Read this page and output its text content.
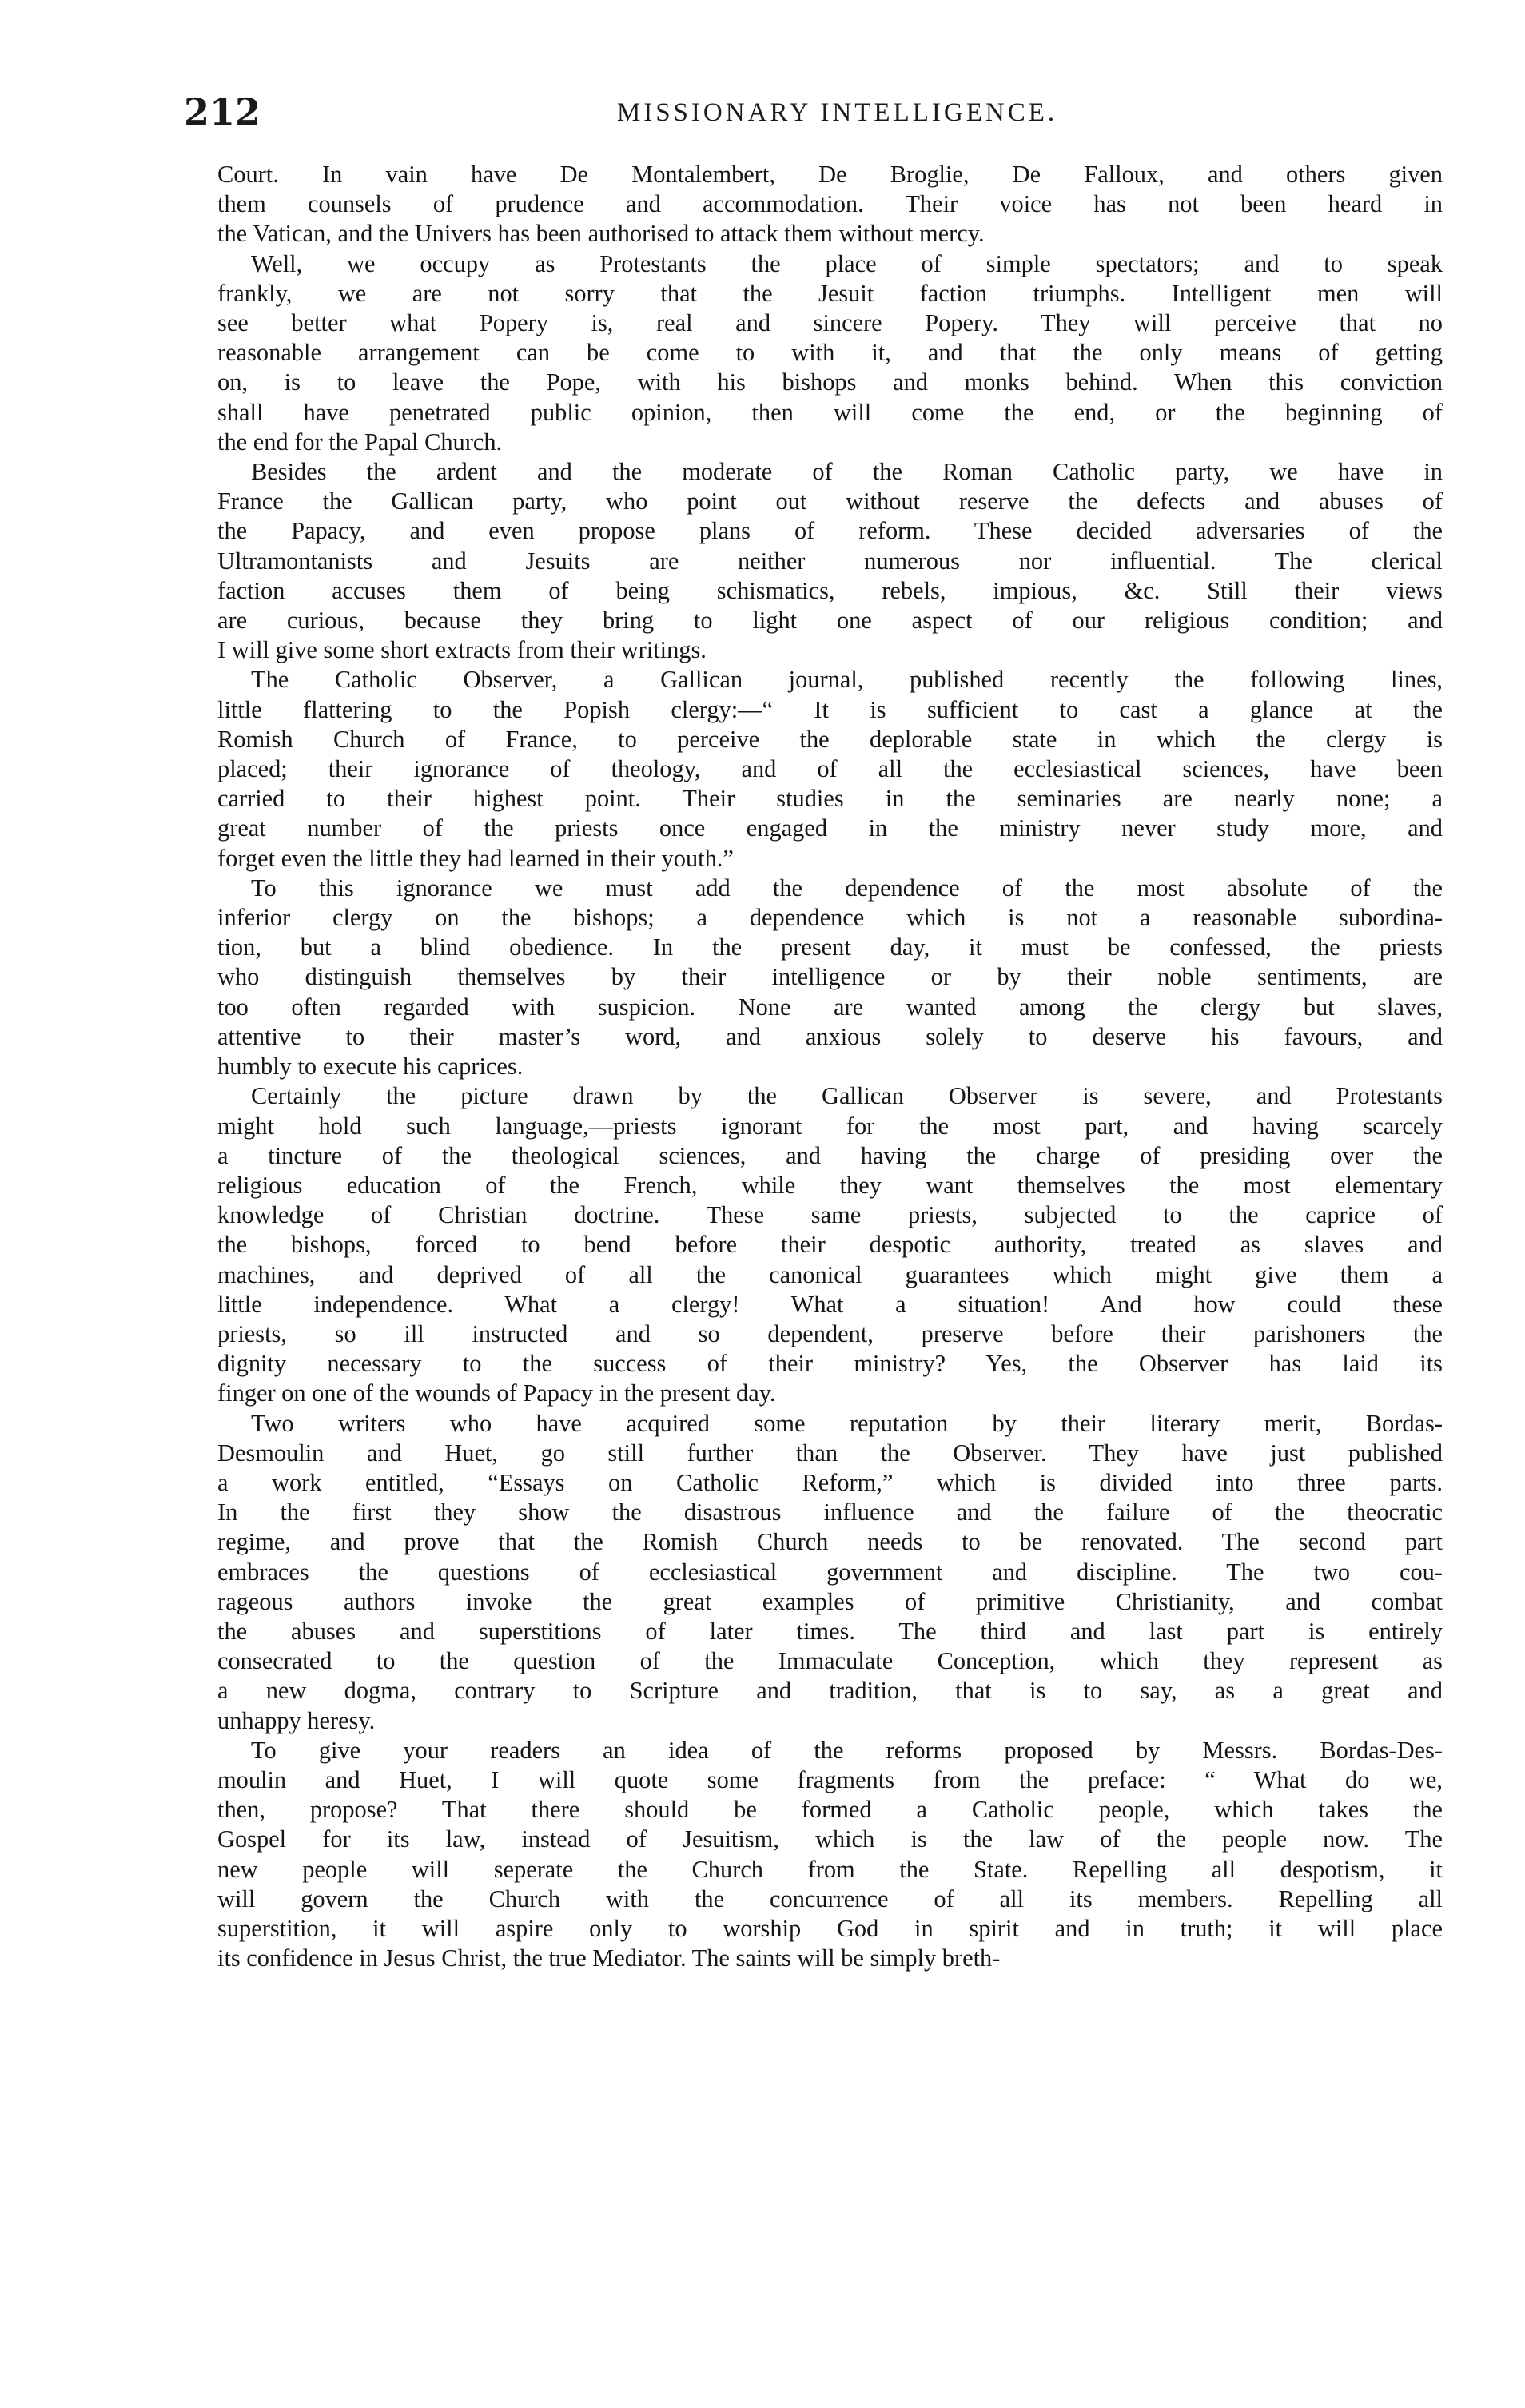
212	MISSIONARY INTELLIGENCE.
Court. In vain have De Montalembert, De Broglie, De Falloux, and others given
them counsels of prudence and accommodation. Their voice has not been heard in
the Vatican, and the Univers has been authorised to attack them without mercy.
Well, we occupy as Protestants the place of simple spectators; and to speak
frankly, we are not sorry that the Jesuit faction triumphs. Intelligent men will
see better what Popery is, real and sincere Popery. They will perceive that no
reasonable arrangement can be come to with it, and that the only means of getting
on, is to leave the Pope, with his bishops and monks behind. When this conviction
shall have penetrated public opinion, then will come the end, or the beginning of
the end for the Papal Church.
Besides the ardent and the moderate of the Roman Catholic party, we have in
France the Gallican party, who point out without reserve the defects and abuses of
the Papacy, and even propose plans of reform. These decided adversaries of the
Ultramontanists and Jesuits are neither numerous nor influential. The clerical
faction accuses them of being schismatics, rebels, impious, &c. Still their views
are curious, because they bring to light one aspect of our religious condition; and
I will give some short extracts from their writings.
The Catholic Observer, a Gallican journal, published recently the following lines,
little flattering to the Popish clergy:—“ It is sufficient to cast a glance at the
Romish Church of France, to perceive the deplorable state in which the clergy is
placed; their ignorance of theology, and of all the ecclesiastical sciences, have been
carried to their highest point. Their studies in the seminaries are nearly none; a
great number of the priests once engaged in the ministry never study more, and
forget even the little they had learned in their youth.”
To this ignorance we must add the dependence of the most absolute of the
inferior clergy on the bishops; a dependence which is not a reasonable subordina-
tion, but a blind obedience. In the present day, it must be confessed, the priests
who distinguish themselves by their intelligence or by their noble sentiments, are
too often regarded with suspicion. None are wanted among the clergy but slaves,
attentive to their master’s word, and anxious solely to deserve his favours, and
humbly to execute his caprices.
Certainly the picture drawn by the Gallican Observer is severe, and Protestants
might hold such language,—priests ignorant for the most part, and having scarcely
a tincture of the theological sciences, and having the charge of presiding over the
religious education of the French, while they want themselves the most elementary
knowledge of Christian doctrine. These same priests, subjected to the caprice of
the bishops, forced to bend before their despotic authority, treated as slaves and
machines, and deprived of all the canonical guarantees which might give them a
little independence. What a clergy! What a situation! And how could these
priests, so ill instructed and so dependent, preserve before their parishoners the
dignity necessary to the success of their ministry? Yes, the Observer has laid its
finger on one of the wounds of Papacy in the present day.
Two writers who have acquired some reputation by their literary merit, Bordas-
Desmoulin and Huet, go still further than the Observer. They have just published
a work entitled, “Essays on Catholic Reform,” which is divided into three parts.
In the first they show the disastrous influence and the failure of the theocratic
regime, and prove that the Romish Church needs to be renovated. The second part
embraces the questions of ecclesiastical government and discipline. The two cou-
rageous authors invoke the great examples of primitive Christianity, and combat
the abuses and superstitions of later times. The third and last part is entirely
consecrated to the question of the Immaculate Conception, which they represent as
a new dogma, contrary to Scripture and tradition, that is to say, as a great and
unhappy heresy.
To give your readers an idea of the reforms proposed by Messrs. Bordas-Des-
moulin and Huet, I will quote some fragments from the preface: “ What do we,
then, propose? That there should be formed a Catholic people, which takes the
Gospel for its law, instead of Jesuitism, which is the law of the people now. The
new people will seperate the Church from the State. Repelling all despotism, it
will govern the Church with the concurrence of all its members. Repelling all
superstition, it will aspire only to worship God in spirit and in truth; it will place
its confidence in Jesus Christ, the true Mediator. The saints will be simply breth-
